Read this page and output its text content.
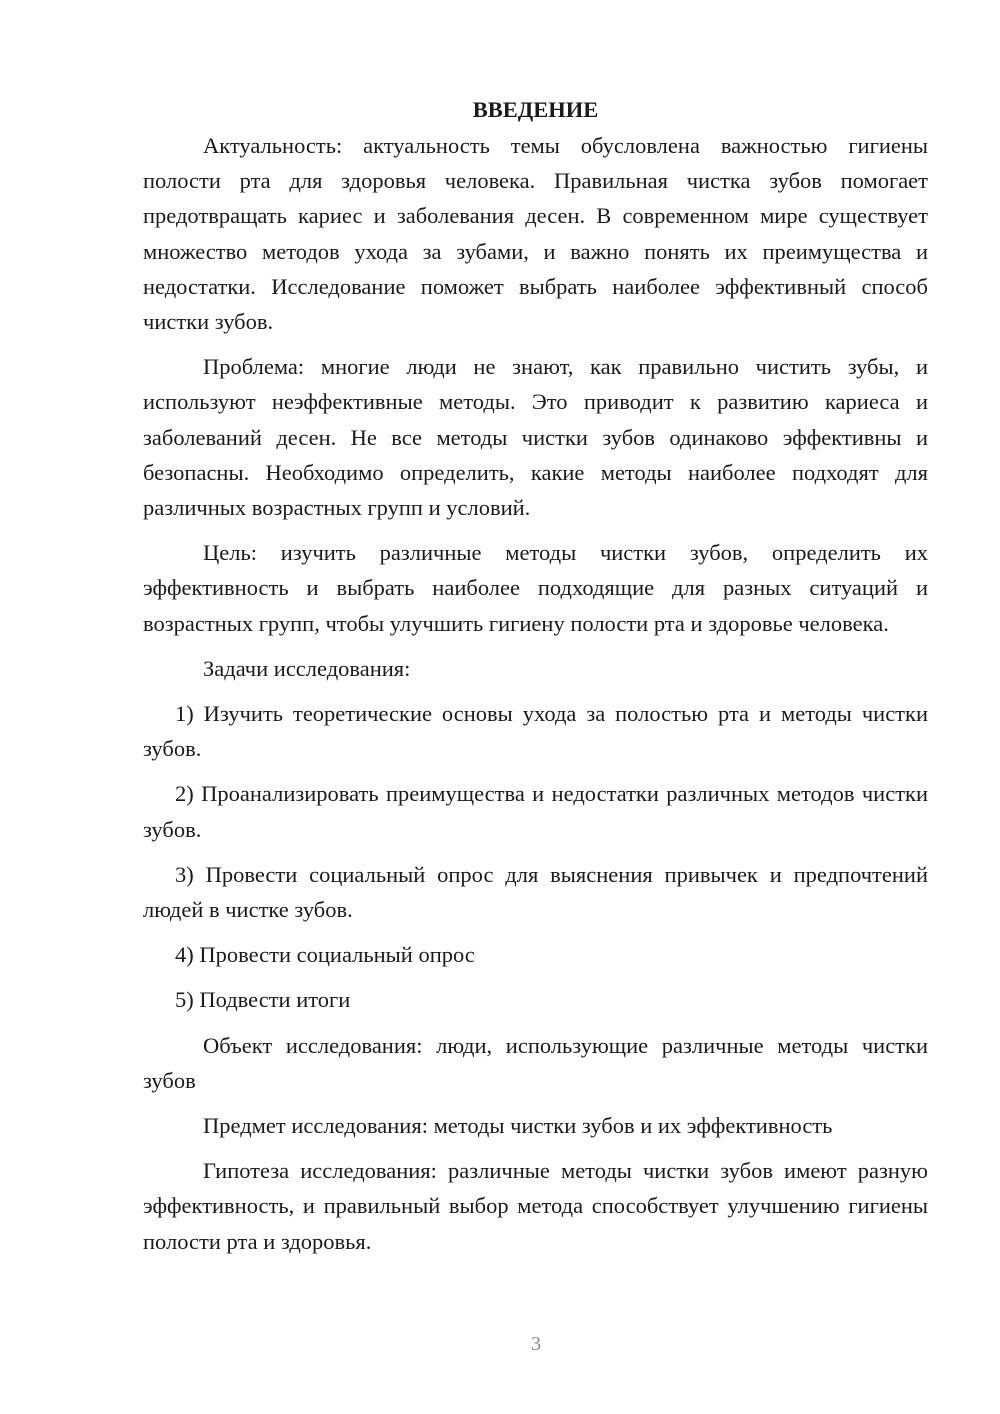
ВВЕДЕНИЕ

Актуальность: актуальность темы обусловлена важностью гигиены полости рта для здоровья человека. Правильная чистка зубов помогает предотвращать кариес и заболевания десен. В современном мире существует множество методов ухода за зубами, и важно понять их преимущества и недостатки. Исследование поможет выбрать наиболее эффективный способ чистки зубов.

Проблема: многие люди не знают, как правильно чистить зубы, и используют неэффективные методы. Это приводит к развитию кариеса и заболеваний десен. Не все методы чистки зубов одинаково эффективны и безопасны. Необходимо определить, какие методы наиболее подходят для различных возрастных групп и условий.

Цель: изучить различные методы чистки зубов, определить их эффективность и выбрать наиболее подходящие для разных ситуаций и возрастных групп, чтобы улучшить гигиену полости рта и здоровье человека.

Задачи исследования:

1) Изучить теоретические основы ухода за полостью рта и методы чистки зубов.

2) Проанализировать преимущества и недостатки различных методов чистки зубов.

3) Провести социальный опрос для выяснения привычек и предпочтений людей в чистке зубов.

4) Провести социальный опрос

5) Подвести итоги

Объект исследования: люди, использующие различные методы чистки зубов

Предмет исследования: методы чистки зубов и их эффективность

Гипотеза исследования: различные методы чистки зубов имеют разную эффективность, и правильный выбор метода способствует улучшению гигиены полости рта и здоровья.

3
